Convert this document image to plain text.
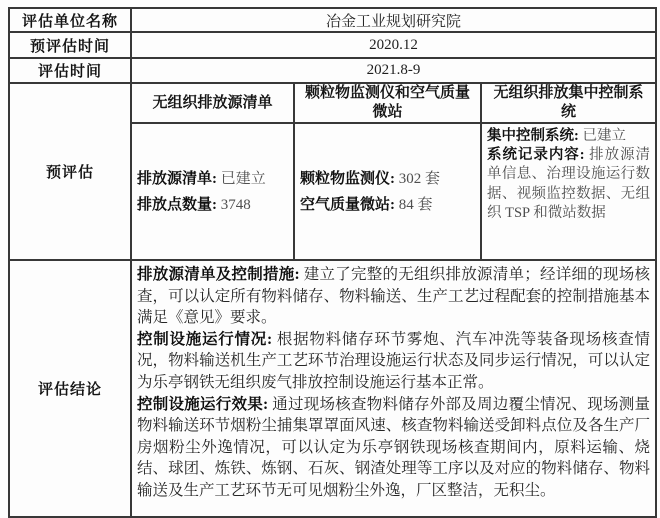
评估单位名称	冶金工业规划研究院		
预评估时间	2020.12		
评估时间	2021.8-9		
预评估	无组织排放源清单	颗粒物监测仪和空气质量微站	无组织排放集中控制系统

排放源清单: 已建立
排放点数量: 3748

颗粒物监测仪: 302 套
空气质量微站: 84 套

集中控制系统: 已建立
系统记录内容: 排放源清单信息、治理设施运行数据、视频监控数据、无组织 TSP 和微站数据

评估结论	排放源清单及控制措施: 建立了完整的无组织排放源清单；经详细的现场核查，可以认定所有物料储存、物料输送、生产工艺过程配套的控制措施基本满足《意见》要求。
控制设施运行情况: 根据物料储存环节雾炮、汽车冲洗等装备现场核查情况，物料输送机生产工艺环节治理设施运行状态及同步运行情况，可以认定为乐亭钢铁无组织废气排放控制设施运行基本正常。
控制设施运行效果: 通过现场核查物料储存外部及周边覆尘情况、现场测量物料输送环节烟粉尘捕集罩罩面风速、核查物料输送受卸料点位及各生产厂房烟粉尘外逸情况，可以认定为乐亭钢铁现场核查期间内，原料运输、烧结、球团、炼铁、炼钢、石灰、钢渣处理等工序以及对应的物料储存、物料输送及生产工艺环节无可见烟粉尘外逸，厂区整洁，无积尘。		
